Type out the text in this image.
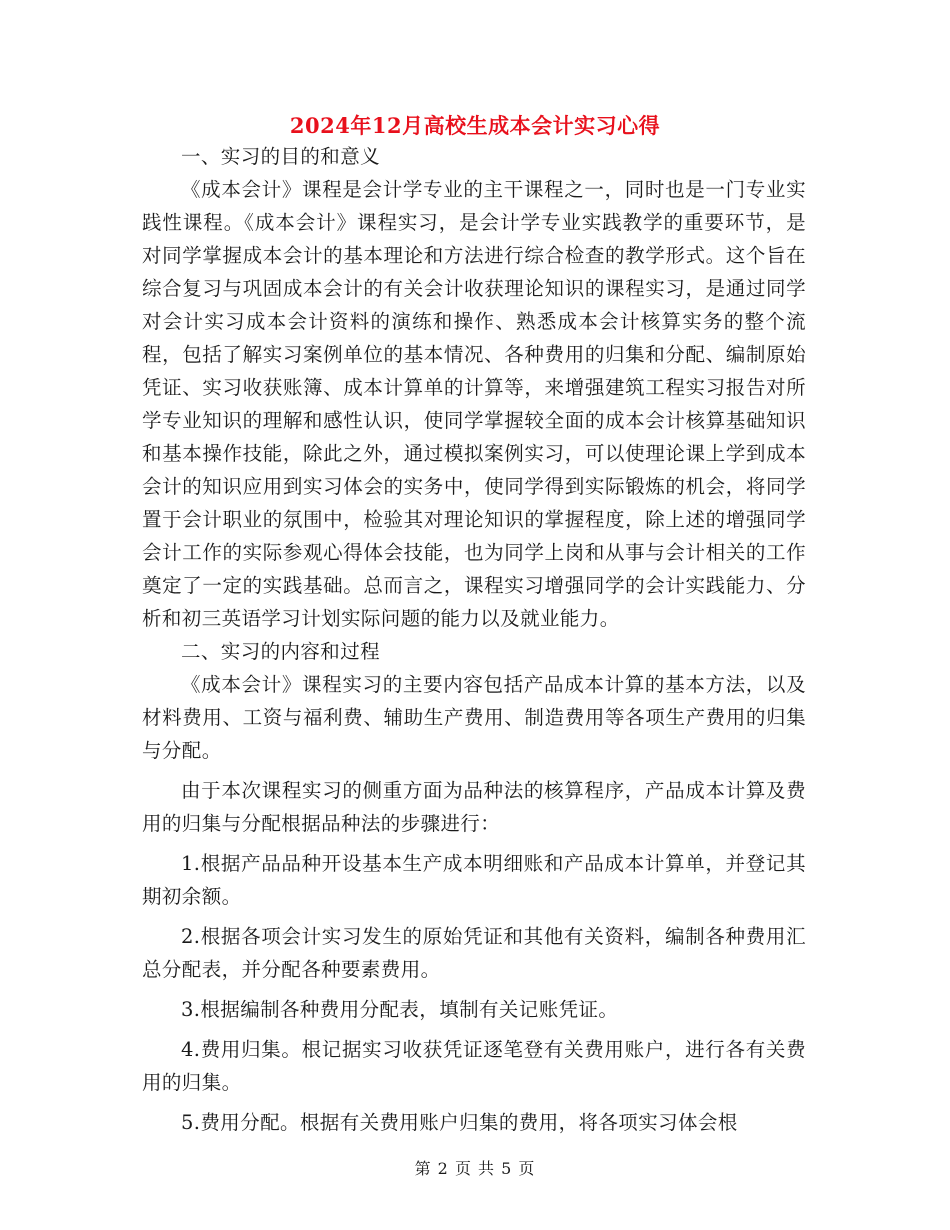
2024年12月高校生成本会计实习心得

一、实习的目的和意义

《成本会计》课程是会计学专业的主干课程之一，同时也是一门专业实践性课程。《成本会计》课程实习，是会计学专业实践教学的重要环节，是对同学掌握成本会计的基本理论和方法进行综合检查的教学形式。这个旨在综合复习与巩固成本会计的有关会计收获理论知识的课程实习，是通过同学对会计实习成本会计资料的演练和操作、熟悉成本会计核算实务的整个流程，包括了解实习案例单位的基本情况、各种费用的归集和分配、编制原始凭证、实习收获账簿、成本计算单的计算等，来增强建筑工程实习报告对所学专业知识的理解和感性认识，使同学掌握较全面的成本会计核算基础知识和基本操作技能，除此之外，通过模拟案例实习，可以使理论课上学到成本会计的知识应用到实习体会的实务中，使同学得到实际锻炼的机会，将同学置于会计职业的氛围中，检验其对理论知识的掌握程度，除上述的增强同学会计工作的实际参观心得体会技能，也为同学上岗和从事与会计相关的工作奠定了一定的实践基础。总而言之，课程实习增强同学的会计实践能力、分析和初三英语学习计划实际问题的能力以及就业能力。

二、实习的内容和过程

《成本会计》课程实习的主要内容包括产品成本计算的基本方法，以及材料费用、工资与福利费、辅助生产费用、制造费用等各项生产费用的归集与分配。

由于本次课程实习的侧重方面为品种法的核算程序，产品成本计算及费用的归集与分配根据品种法的步骤进行：

1.根据产品品种开设基本生产成本明细账和产品成本计算单，并登记其期初余额。

2.根据各项会计实习发生的原始凭证和其他有关资料，编制各种费用汇总分配表，并分配各种要素费用。

3.根据编制各种费用分配表，填制有关记账凭证。

4.费用归集。根记据实习收获凭证逐笔登有关费用账户，进行各有关费用的归集。

5.费用分配。根据有关费用账户归集的费用，将各项实习体会根

第 2 页 共 5 页
